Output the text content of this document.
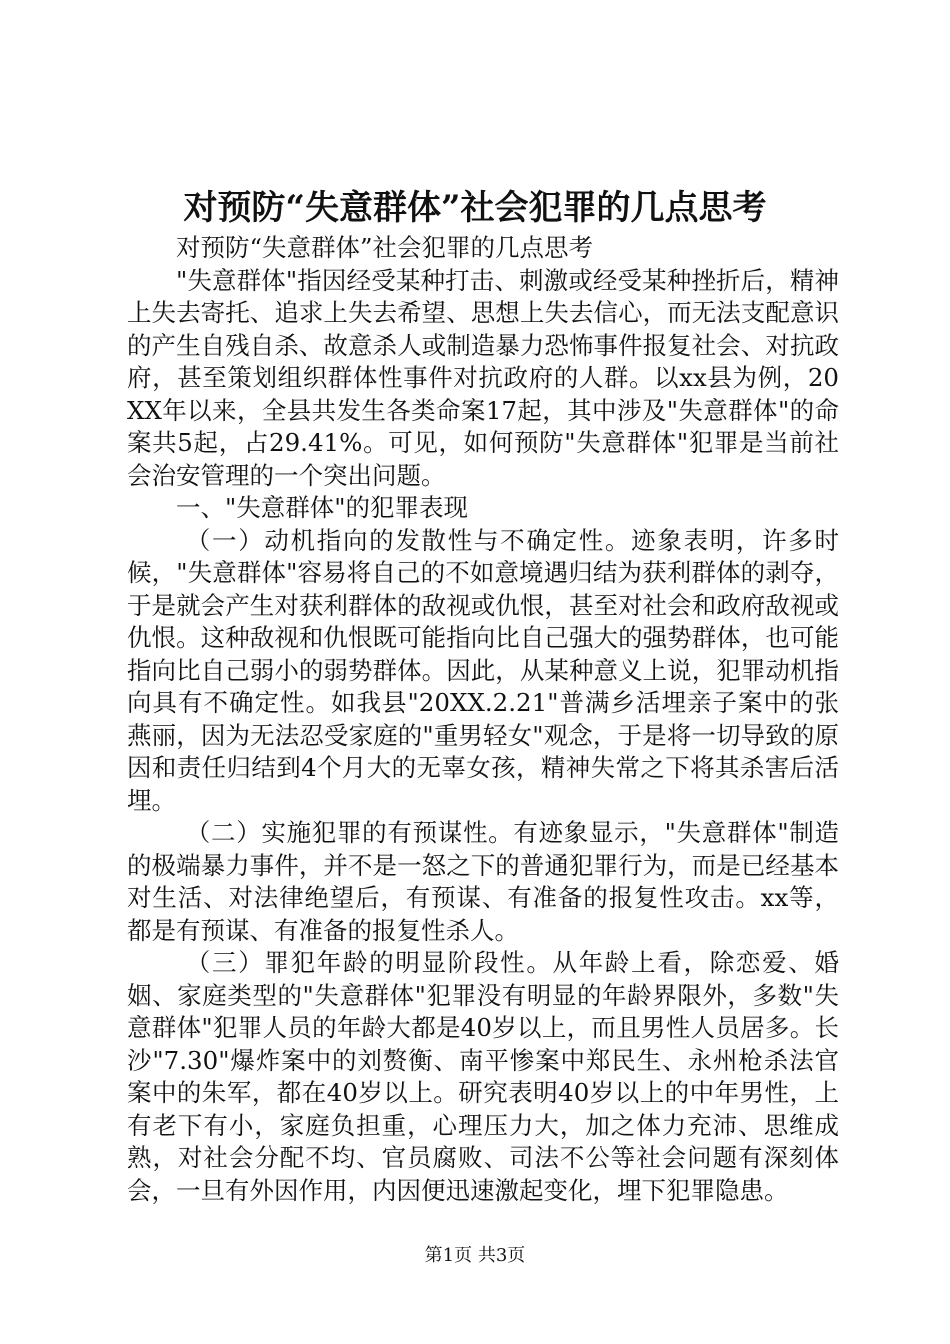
对预防“失意群体”社会犯罪的几点思考

对预防“失意群体”社会犯罪的几点思考

"失意群体"指因经受某种打击、刺激或经受某种挫折后，精神上失去寄托、追求上失去希望、思想上失去信心，而无法支配意识的产生自残自杀、故意杀人或制造暴力恐怖事件报复社会、对抗政府，甚至策划组织群体性事件对抗政府的人群。以xx县为例，20XX年以来，全县共发生各类命案17起，其中涉及"失意群体"的命案共5起，占29.41%。可见，如何预防"失意群体"犯罪是当前社会治安管理的一个突出问题。

一、"失意群体"的犯罪表现

（一）动机指向的发散性与不确定性。迹象表明，许多时候，"失意群体"容易将自己的不如意境遇归结为获利群体的剥夺，于是就会产生对获利群体的敌视或仇恨，甚至对社会和政府敌视或仇恨。这种敌视和仇恨既可能指向比自己强大的强势群体，也可能指向比自己弱小的弱势群体。因此，从某种意义上说，犯罪动机指向具有不确定性。如我县"20XX.2.21"普满乡活埋亲子案中的张燕丽，因为无法忍受家庭的"重男轻女"观念，于是将一切导致的原因和责任归结到4个月大的无辜女孩，精神失常之下将其杀害后活埋。

（二）实施犯罪的有预谋性。有迹象显示，"失意群体"制造的极端暴力事件，并不是一怒之下的普通犯罪行为，而是已经基本对生活、对法律绝望后，有预谋、有准备的报复性攻击。xx等，都是有预谋、有准备的报复性杀人。

（三）罪犯年龄的明显阶段性。从年龄上看，除恋爱、婚姻、家庭类型的"失意群体"犯罪没有明显的年龄界限外，多数"失意群体"犯罪人员的年龄大都是40岁以上，而且男性人员居多。长沙"7.30"爆炸案中的刘赘衡、南平惨案中郑民生、永州枪杀法官案中的朱军，都在40岁以上。研究表明40岁以上的中年男性，上有老下有小，家庭负担重，心理压力大，加之体力充沛、思维成熟，对社会分配不均、官员腐败、司法不公等社会问题有深刻体会，一旦有外因作用，内因便迅速激起变化，埋下犯罪隐患。

第1页 共3页
